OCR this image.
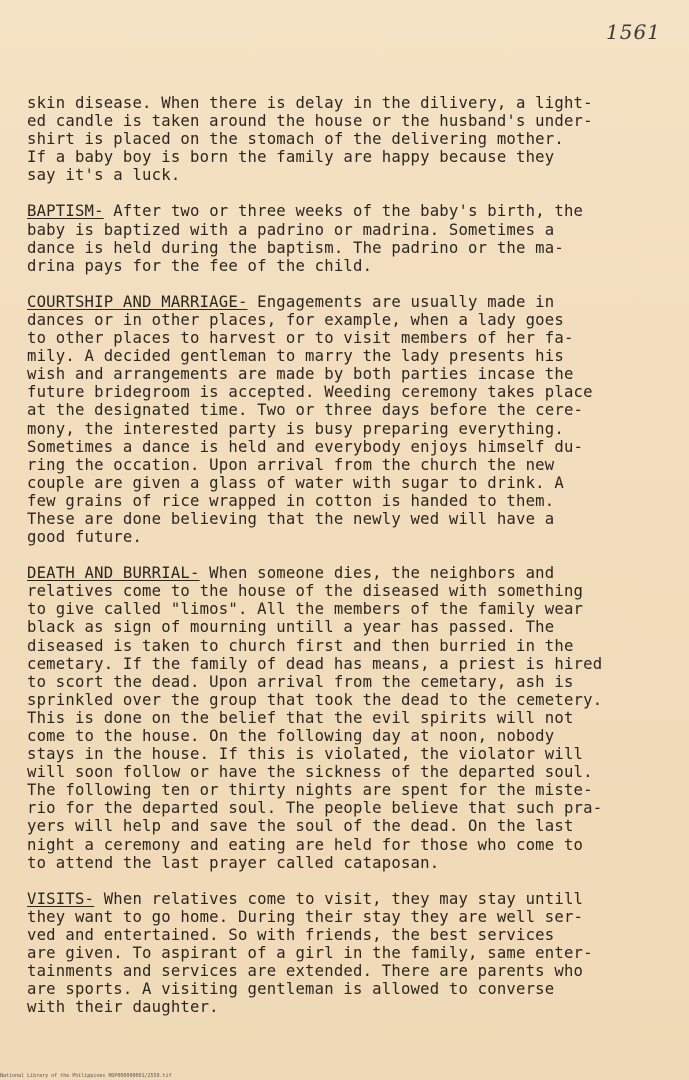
1561
skin disease. When there is delay in the dilivery, a light-
ed candle is taken around the house or the husband's under-
shirt is placed on the stomach of the delivering mother.
If a baby boy is born the family are happy because they
say it's a luck.
BAPTISM- After two or three weeks of the baby's birth, the
baby is baptized with a padrino or madrina. Sometimes a
dance is held during the baptism. The padrino or the ma-
drina pays for the fee of the child.
COURTSHIP AND MARRIAGE- Engagements are usually made in
dances or in other places, for example, when a lady goes
to other places to harvest or to visit members of her fa-
mily. A decided gentleman to marry the lady presents his
wish and arrangements are made by both parties incase the
future bridegroom is accepted. Weeding ceremony takes place
at the designated time. Two or three days before the cere-
mony, the interested party is busy preparing everything.
Sometimes a dance is held and everybody enjoys himself du-
ring the occation. Upon arrival from the church the new
couple are given a glass of water with sugar to drink. A
few grains of rice wrapped in cotton is handed to them.
These are done believing that the newly wed will have a
good future.
DEATH AND BURRIAL- When someone dies, the neighbors and
relatives come to the house of the diseased with something
to give called "limos". All the members of the family wear
black as sign of mourning untill a year has passed. The
diseased is taken to church first and then burried in the
cemetary. If the family of dead has means, a priest is hired
to scort the dead. Upon arrival from the cemetary, ash is
sprinkled over the group that took the dead to the cemetery.
This is done on the belief that the evil spirits will not
come to the house. On the following day at noon, nobody
stays in the house. If this is violated, the violator will
will soon follow or have the sickness of the departed soul.
The following ten or thirty nights are spent for the miste-
rio for the departed soul. The people believe that such pra-
yers will help and save the soul of the dead. On the last
night a ceremony and eating are held for those who come to
to attend the last prayer called cataposan.
VISITS- When relatives come to visit, they may stay untill
they want to go home. During their stay they are well ser-
ved and entertained. So with friends, the best services
are given. To aspirant of a girl in the family, same enter-
tainments and services are extended. There are parents who
are sports. A visiting gentleman is allowed to converse
with their daughter.
National Library of the Philippines HDP000000001/2559.tif
